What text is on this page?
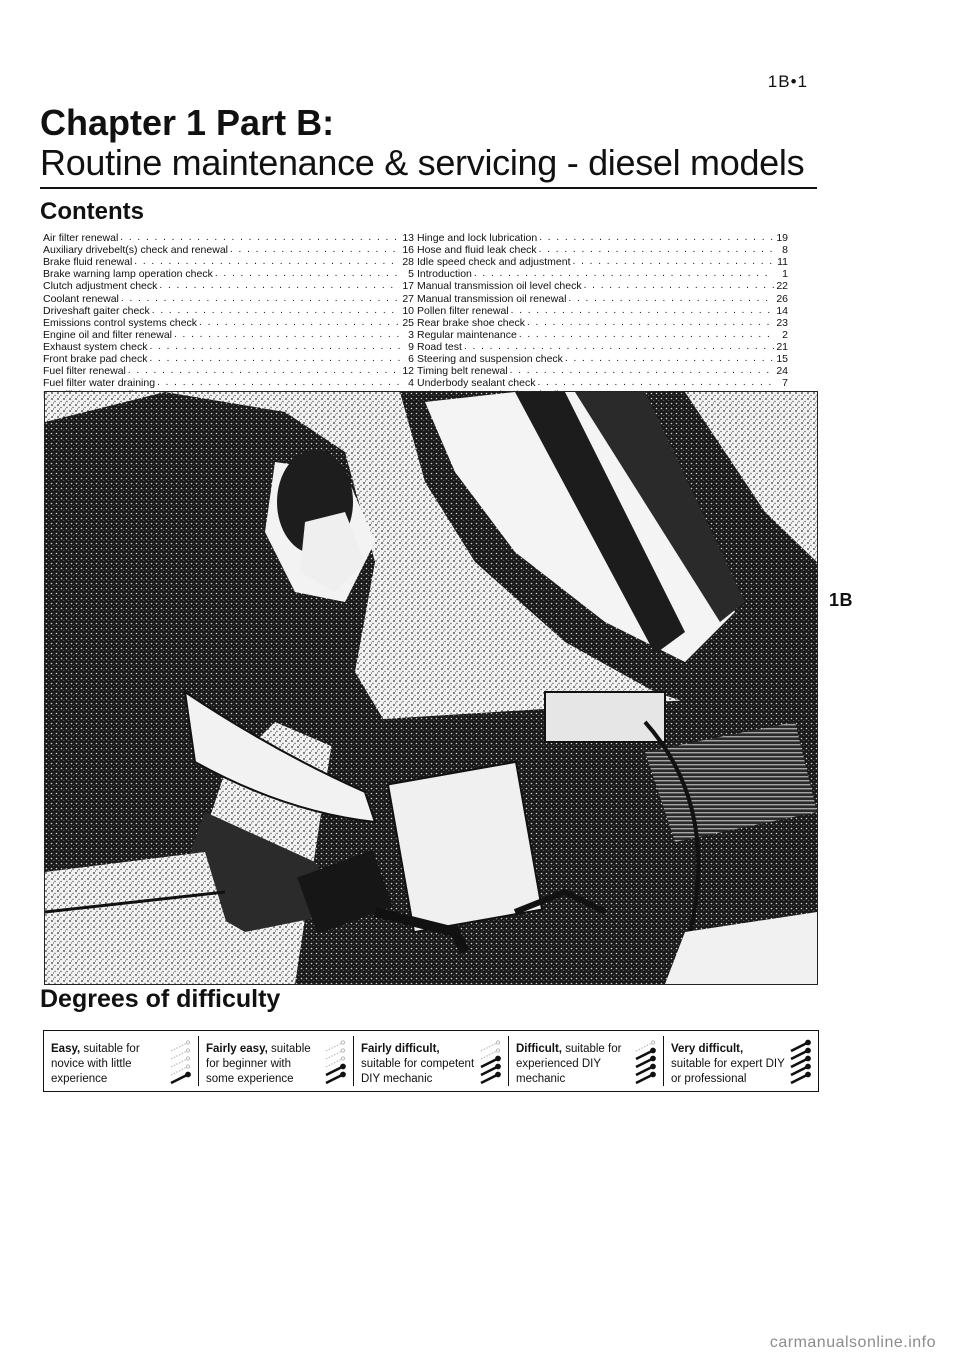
1B•1
Chapter 1 Part B:
Routine maintenance & servicing - diesel models
Contents
Air filter renewal . . .	13
Auxiliary drivebelt(s) check and renewal . . .	16
Brake fluid renewal . . .	28
Brake warning lamp operation check . . .	5
Clutch adjustment check . . .	17
Coolant renewal . . .	27
Driveshaft gaiter check . . .	10
Emissions control systems check . . .	25
Engine oil and filter renewal . . .	3
Exhaust system check . . .	9
Front brake pad check . . .	6
Fuel filter renewal . . .	12
Fuel filter water draining . . .	4
. . .
Hinge and lock lubrication . . .	19
Hose and fluid leak check . . .	8
Idle speed check and adjustment . . .	11
Introduction . . .	1
Manual transmission oil level check . . .	22
Manual transmission oil renewal . . .	26
Pollen filter renewal . . .	14
Rear brake shoe check . . .	23
Regular maintenance . . .	2
Road test . . .	21
Steering and suspension check . . .	15
Timing belt renewal . . .	24
Underbody sealant check . . .	7
. . .
1B
Degrees of difficulty
Easy, suitable for
novice with little
experience
Fairly easy, suitable
for beginner with
some experience
Fairly difficult,
suitable for competent
DIY mechanic
Difficult, suitable for
experienced DIY
mechanic
Very difficult,
suitable for expert DIY
or professional
carmanualsonline.info
